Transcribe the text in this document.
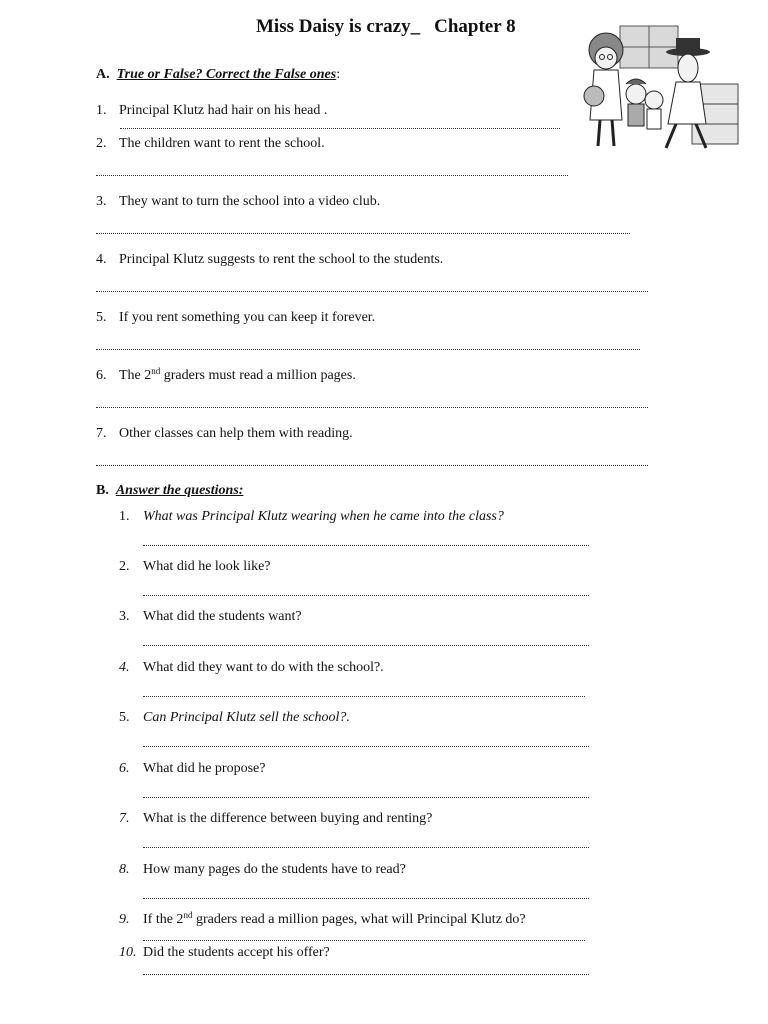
Miss Daisy is crazy_ Chapter 8
A. True or False? Correct the False ones:
1. Principal Klutz had hair on his head .
2. The children want to rent the school.
3. They want to turn the school into a video club.
4. Principal Klutz suggests to rent the school to the students.
5. If you rent something you can keep it forever.
6. The 2nd graders must read a million pages.
7. Other classes can help them with reading.
B. Answer the questions:
1. What was Principal Klutz wearing when he came into the class?
2. What did he look like?
3. What did the students want?
4. What did they want to do with the school?.
5. Can Principal Klutz sell the school?.
6. What did he propose?
7. What is the difference between buying and renting?
8. How many pages do the students have to read?
9. If the 2nd graders read a million pages, what will Principal Klutz do?
10. Did the students accept his offer?
